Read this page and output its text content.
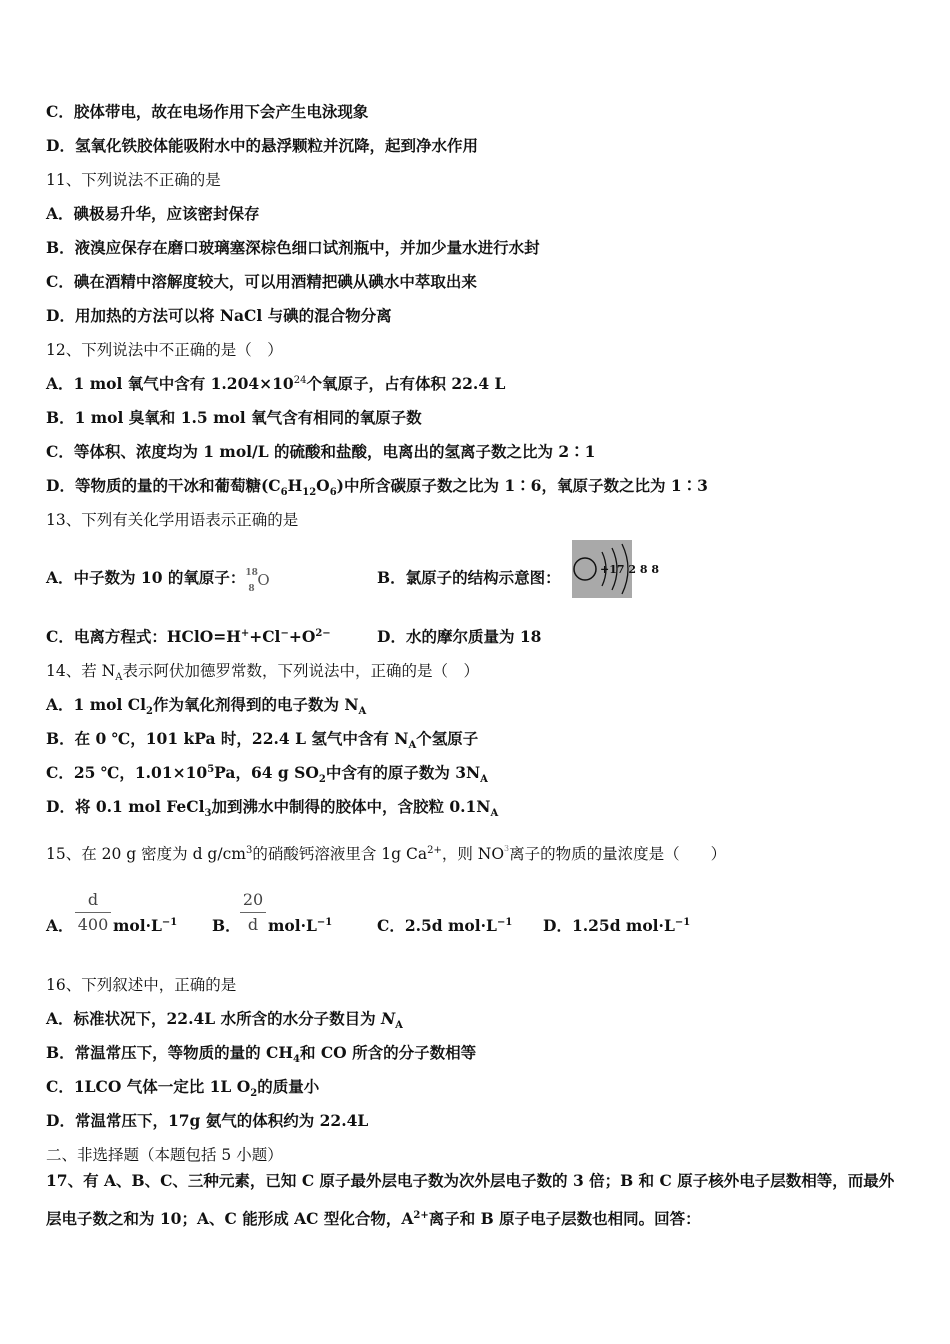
C．胶体带电，故在电场作用下会产生电泳现象
D．氢氧化铁胶体能吸附水中的悬浮颗粒并沉降，起到净水作用
11、下列说法不正确的是
A．碘极易升华，应该密封保存
B．液溴应保存在磨口玻璃塞深棕色细口试剂瓶中，并加少量水进行水封
C．碘在酒精中溶解度较大，可以用酒精把碘从碘水中萃取出来
D．用加热的方法可以将 NaCl 与碘的混合物分离
12、下列说法中不正确的是（　）
A．1 mol 氧气中含有 $1.204\times 10^{24}$个氧原子，占有体积 22.4 L
B．1 mol 臭氧和 1.5 mol 氧气含有相同的氧原子数
C．等体积、浓度均为 1 mol/L 的硫酸和盐酸，电离出的氢离子数之比为 2∶1
D．等物质的量的干冰和葡萄糖$(C_6H_{12}O_6)$中所含碳原子数之比为 1∶6，氧原子数之比为 1∶3
13、下列有关化学用语表示正确的是
A．中子数为 10 的氧原子： 18
8 O	B．氯原子的结构示意图：	+17 2 8 8
C．电离方程式：$HClO=H^++Cl^-+O^{2-}$	D．水的摩尔质量为 18
14、若 $N_A$表示阿伏加德罗常数，下列说法中，正确的是（　）
A．1 mol $Cl_2$作为氧化剂得到的电子数为 $N_A$
B．在 0 ℃，101 kPa 时，22.4 L 氢气中含有 $N_A$个氢原子
C．25 ℃，$1.01\times 10^5Pa$，64 g $SO_2$中含有的原子数为 $3N_A$
D．将 0.1 mol FeCl$_3$加到沸水中制得的胶体中，含胶粒 $0.1N_A$
15、在 20 g 密度为 d $g/cm^3$的硝酸钙溶液里含 1g $Ca^{2+}$，则 $NO^3$离子的物质的量浓度是（　　）
A．
d
400 $mol\cdot L^{-1}$ B．
20
d $mol\cdot L^{-1}$	C．2.5d $mol\cdot L^{-1}$ D．1.25d $mol\cdot L^{-1}$
16、下列叙述中，正确的是
A．标准状况下，22.4L 水所含的水分子数目为 $N_A$
B．常温常压下，等物质的量的 $CH_4$和 CO 所含的分子数相等
C．1LCO 气体一定比 1L $O_2$的质量小
D．常温常压下，17g 氨气的体积约为 22.4L
二、非选择题（本题包括 5 小题）
17、有 A、B、C、三种元素，已知 C 原子最外层电子数为次外层电子数的 3 倍；B 和 C 原子核外电子层数相等，而最外
层电子数之和为 10；A、C 能形成 AC 型化合物，$A^{2+}$离子和 B 原子电子层数也相同。回答：
